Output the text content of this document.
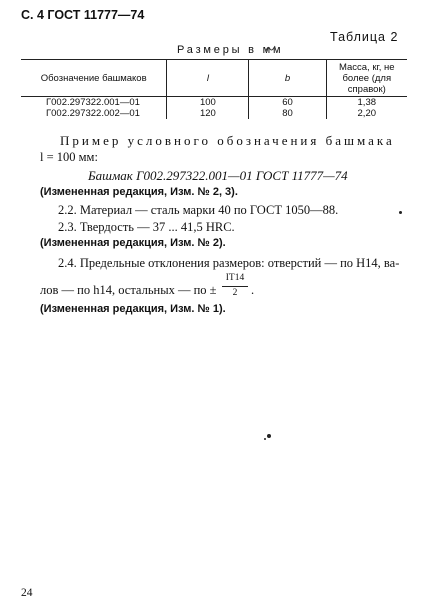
С. 4 ГОСТ 11777—74
Таблица 2
Размеры в мм
Обозначение башмаков	l	b	Масса, кг, не более (для справок)
Г002.297322.001—01	100	60	1,38
Г002.297322.002—01	120	80	2,20
Пример условного обозначения башмака
l = 100 мм:
Башмак Г002.297322.001—01 ГОСТ 11777—74
(Измененная редакция, Изм. № 2, 3).
2.2. Материал — сталь марки 40 по ГОСТ 1050—88.
2.3. Твердость — 37 ... 41,5 HRC.
(Измененная редакция, Изм. № 2).
2.4. Предельные отклонения размеров: отверстий — по Н14, ва-
лов — по h14, остальных — по ±
IT14
2	.
(Измененная редакция, Изм. № 1).
24
